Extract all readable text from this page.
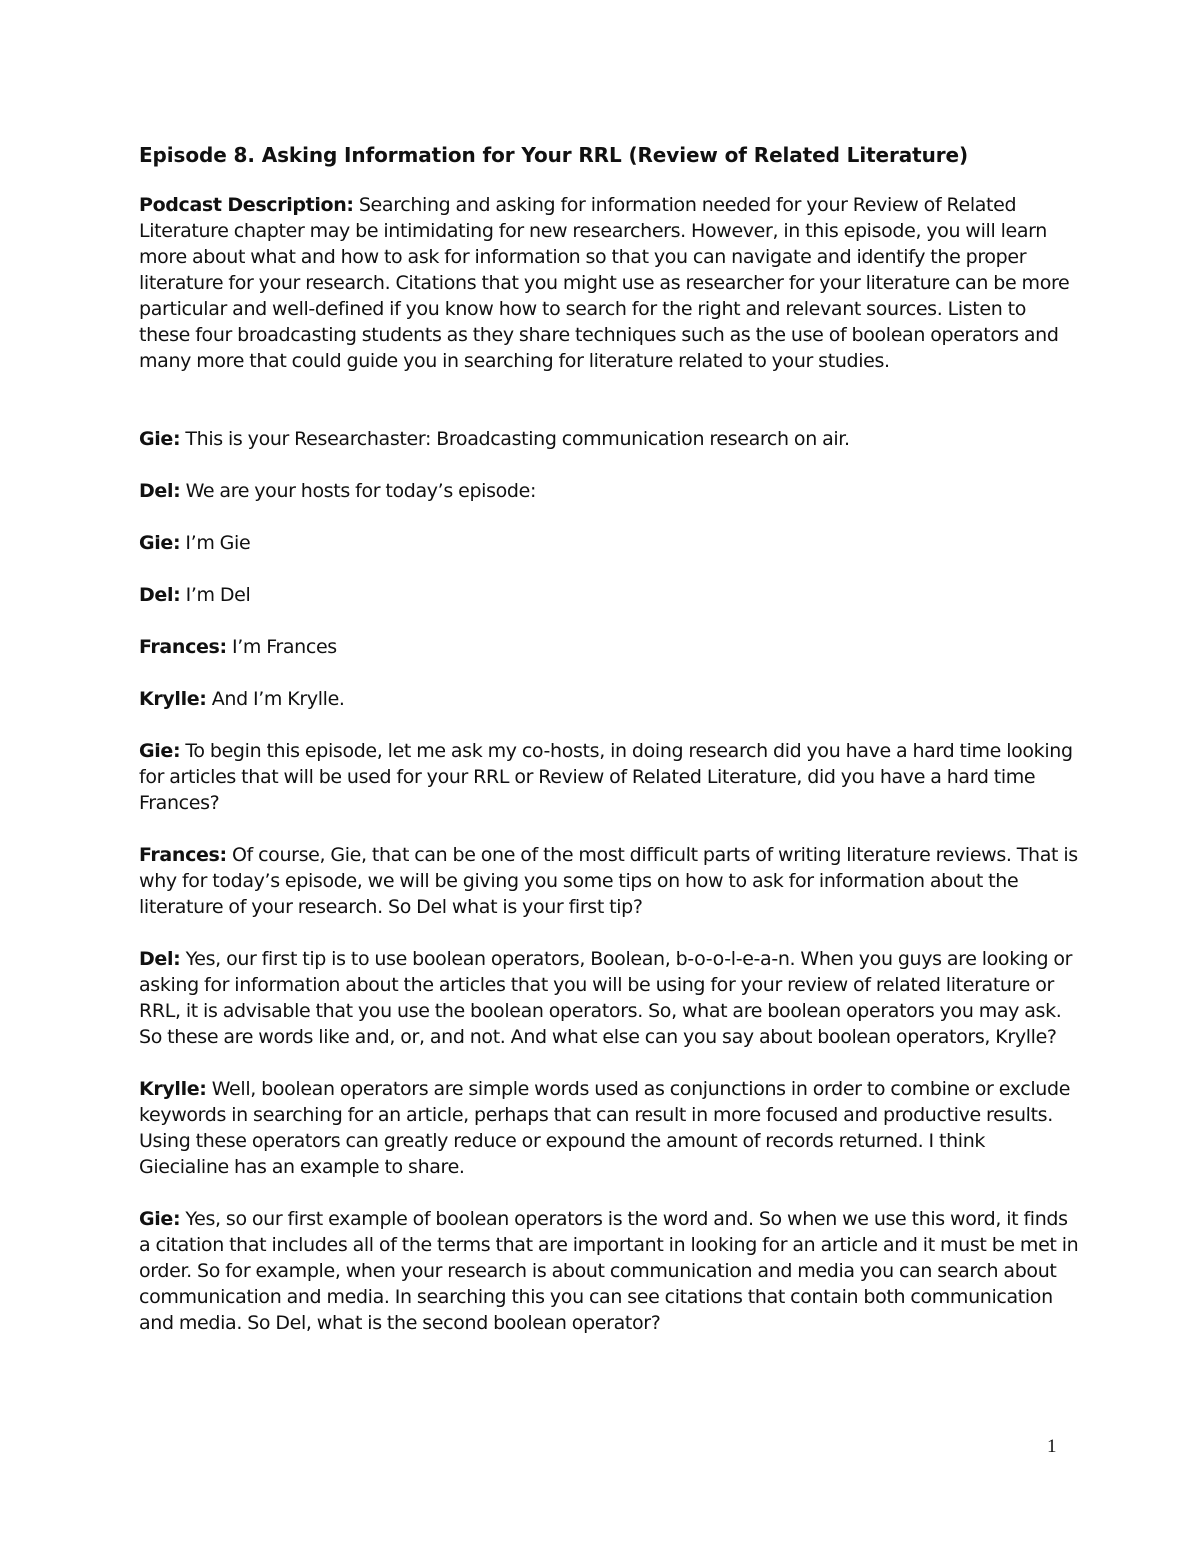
Episode 8. Asking Information for Your RRL (Review of Related Literature)

Podcast Description: Searching and asking for information needed for your Review of Related Literature chapter may be intimidating for new researchers. However, in this episode, you will learn more about what and how to ask for information so that you can navigate and identify the proper literature for your research. Citations that you might use as researcher for your literature can be more particular and well-defined if you know how to search for the right and relevant sources. Listen to these four broadcasting students as they share techniques such as the use of boolean operators and many more that could guide you in searching for literature related to your studies.

Gie: This is your Researchaster: Broadcasting communication research on air.

Del: We are your hosts for today’s episode:

Gie: I’m Gie

Del: I’m Del

Frances: I’m Frances

Krylle: And I’m Krylle.

Gie: To begin this episode, let me ask my co-hosts, in doing research did you have a hard time looking for articles that will be used for your RRL or Review of Related Literature, did you have a hard time Frances?

Frances: Of course, Gie, that can be one of the most difficult parts of writing literature reviews. That is why for today’s episode, we will be giving you some tips on how to ask for information about the literature of your research. So Del what is your first tip?

Del: Yes, our first tip is to use boolean operators, Boolean, b-o-o-l-e-a-n. When you guys are looking or asking for information about the articles that you will be using for your review of related literature or RRL, it is advisable that you use the boolean operators. So, what are boolean operators you may ask. So these are words like and, or, and not. And what else can you say about boolean operators, Krylle?

Krylle: Well, boolean operators are simple words used as conjunctions in order to combine or exclude keywords in searching for an article, perhaps that can result in more focused and productive results. Using these operators can greatly reduce or expound the amount of records returned. I think Giecialine has an example to share.

Gie: Yes, so our first example of boolean operators is the word and. So when we use this word, it finds a citation that includes all of the terms that are important in looking for an article and it must be met in order. So for example, when your research is about communication and media you can search about communication and media. In searching this you can see citations that contain both communication and media. So Del, what is the second boolean operator?

1
